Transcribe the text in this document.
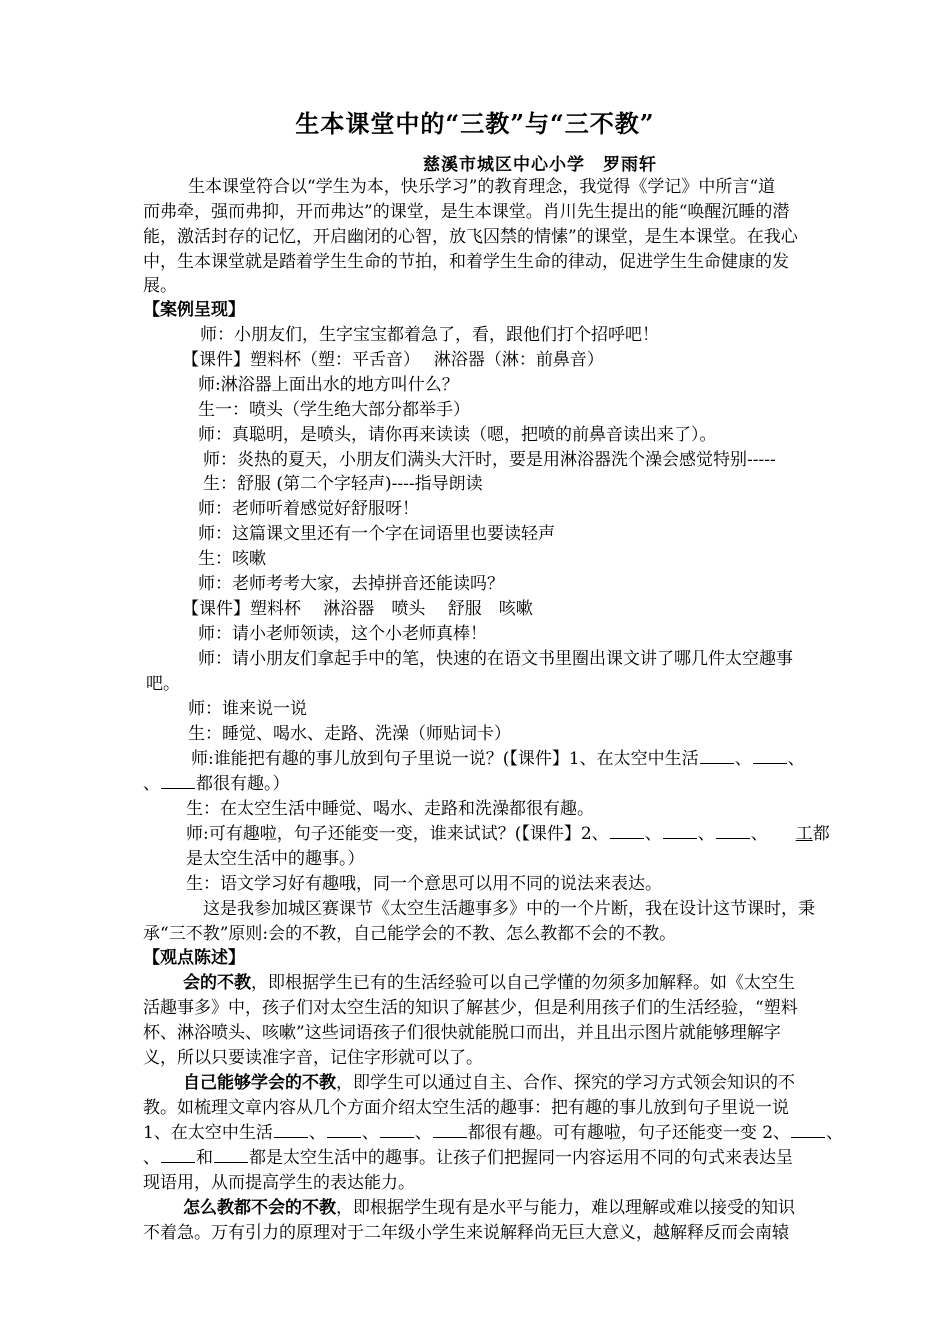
生本课堂中的“三教”与“三不教”
慈溪市城区中心小学　罗雨轩
生本课堂符合以“学生为本，快乐学习”的教育理念，我觉得《学记》中所言“道
而弗牵，强而弗抑，开而弗达”的课堂，是生本课堂。肖川先生提出的能“唤醒沉睡的潜
能，激活封存的记忆，开启幽闭的心智，放飞囚禁的情愫”的课堂，是生本课堂。在我心
中，生本课堂就是踏着学生生命的节拍，和着学生生命的律动，促进学生生命健康的发
展。
【案例呈现】
师：小朋友们，生字宝宝都着急了，看，跟他们打个招呼吧！
【课件】塑料杯（塑：平舌音）　 淋浴器（淋：前鼻音）
师:淋浴器上面出水的地方叫什么？
生一：喷头（学生绝大部分都举手）
师：真聪明，是喷头，请你再来读读（嗯，把喷的前鼻音读出来了）。
师：炎热的夏天，小朋友们满头大汗时，要是用淋浴器洗个澡会感觉特别-----
生：舒服 (第二个字轻声)----指导朗读
师：老师听着感觉好舒服呀！
师：这篇课文里还有一个字在词语里也要读轻声
生：咳嗽
师：老师考考大家，去掉拼音还能读吗？
【课件】塑料杯　 淋浴器　喷头　 舒服　咳嗽
师：请小老师领读，这个小老师真棒！
师：请小朋友们拿起手中的笔，快速的在语文书里圈出课文讲了哪几件太空趣事
吧。
师：谁来说一说
生：睡觉、喝水、走路、洗澡（师贴词卡）
师:谁能把有趣的事儿放到句子里说一说？(【课件】1、在太空中生活 、 、
、 都很有趣。）
生：在太空生活中睡觉、喝水、走路和洗澡都很有趣。
师:可有趣啦，句子还能变一变，谁来试试？(【课件】2、 、 、 、 工都
是太空生活中的趣事。）
生：语文学习好有趣哦，同一个意思可以用不同的说法来表达。
这是我参加城区赛课节《太空生活趣事多》中的一个片断，我在设计这节课时，秉
承“三不教”原则:会的不教，自己能学会的不教、怎么教都不会的不教。
【观点陈述】
会的不教，即根据学生已有的生活经验可以自己学懂的勿须多加解释。如《太空生
活趣事多》中，孩子们对太空生活的知识了解甚少，但是利用孩子们的生活经验，“塑料
杯、淋浴喷头、咳嗽”这些词语孩子们很快就能脱口而出，并且出示图片就能够理解字
义，所以只要读准字音，记住字形就可以了。
自己能够学会的不教，即学生可以通过自主、合作、探究的学习方式领会知识的不
教。如梳理文章内容从几个方面介绍太空生活的趣事：把有趣的事儿放到句子里说一说
1、在太空中生活 、 、 、 都很有趣。可有趣啦，句子还能变一变 2、 、
、 和 都是太空生活中的趣事。让孩子们把握同一内容运用不同的句式来表达呈
现语用，从而提高学生的表达能力。
怎么教都不会的不教，即根据学生现有是水平与能力，难以理解或难以接受的知识
不着急。万有引力的原理对于二年级小学生来说解释尚无巨大意义，越解释反而会南辕
